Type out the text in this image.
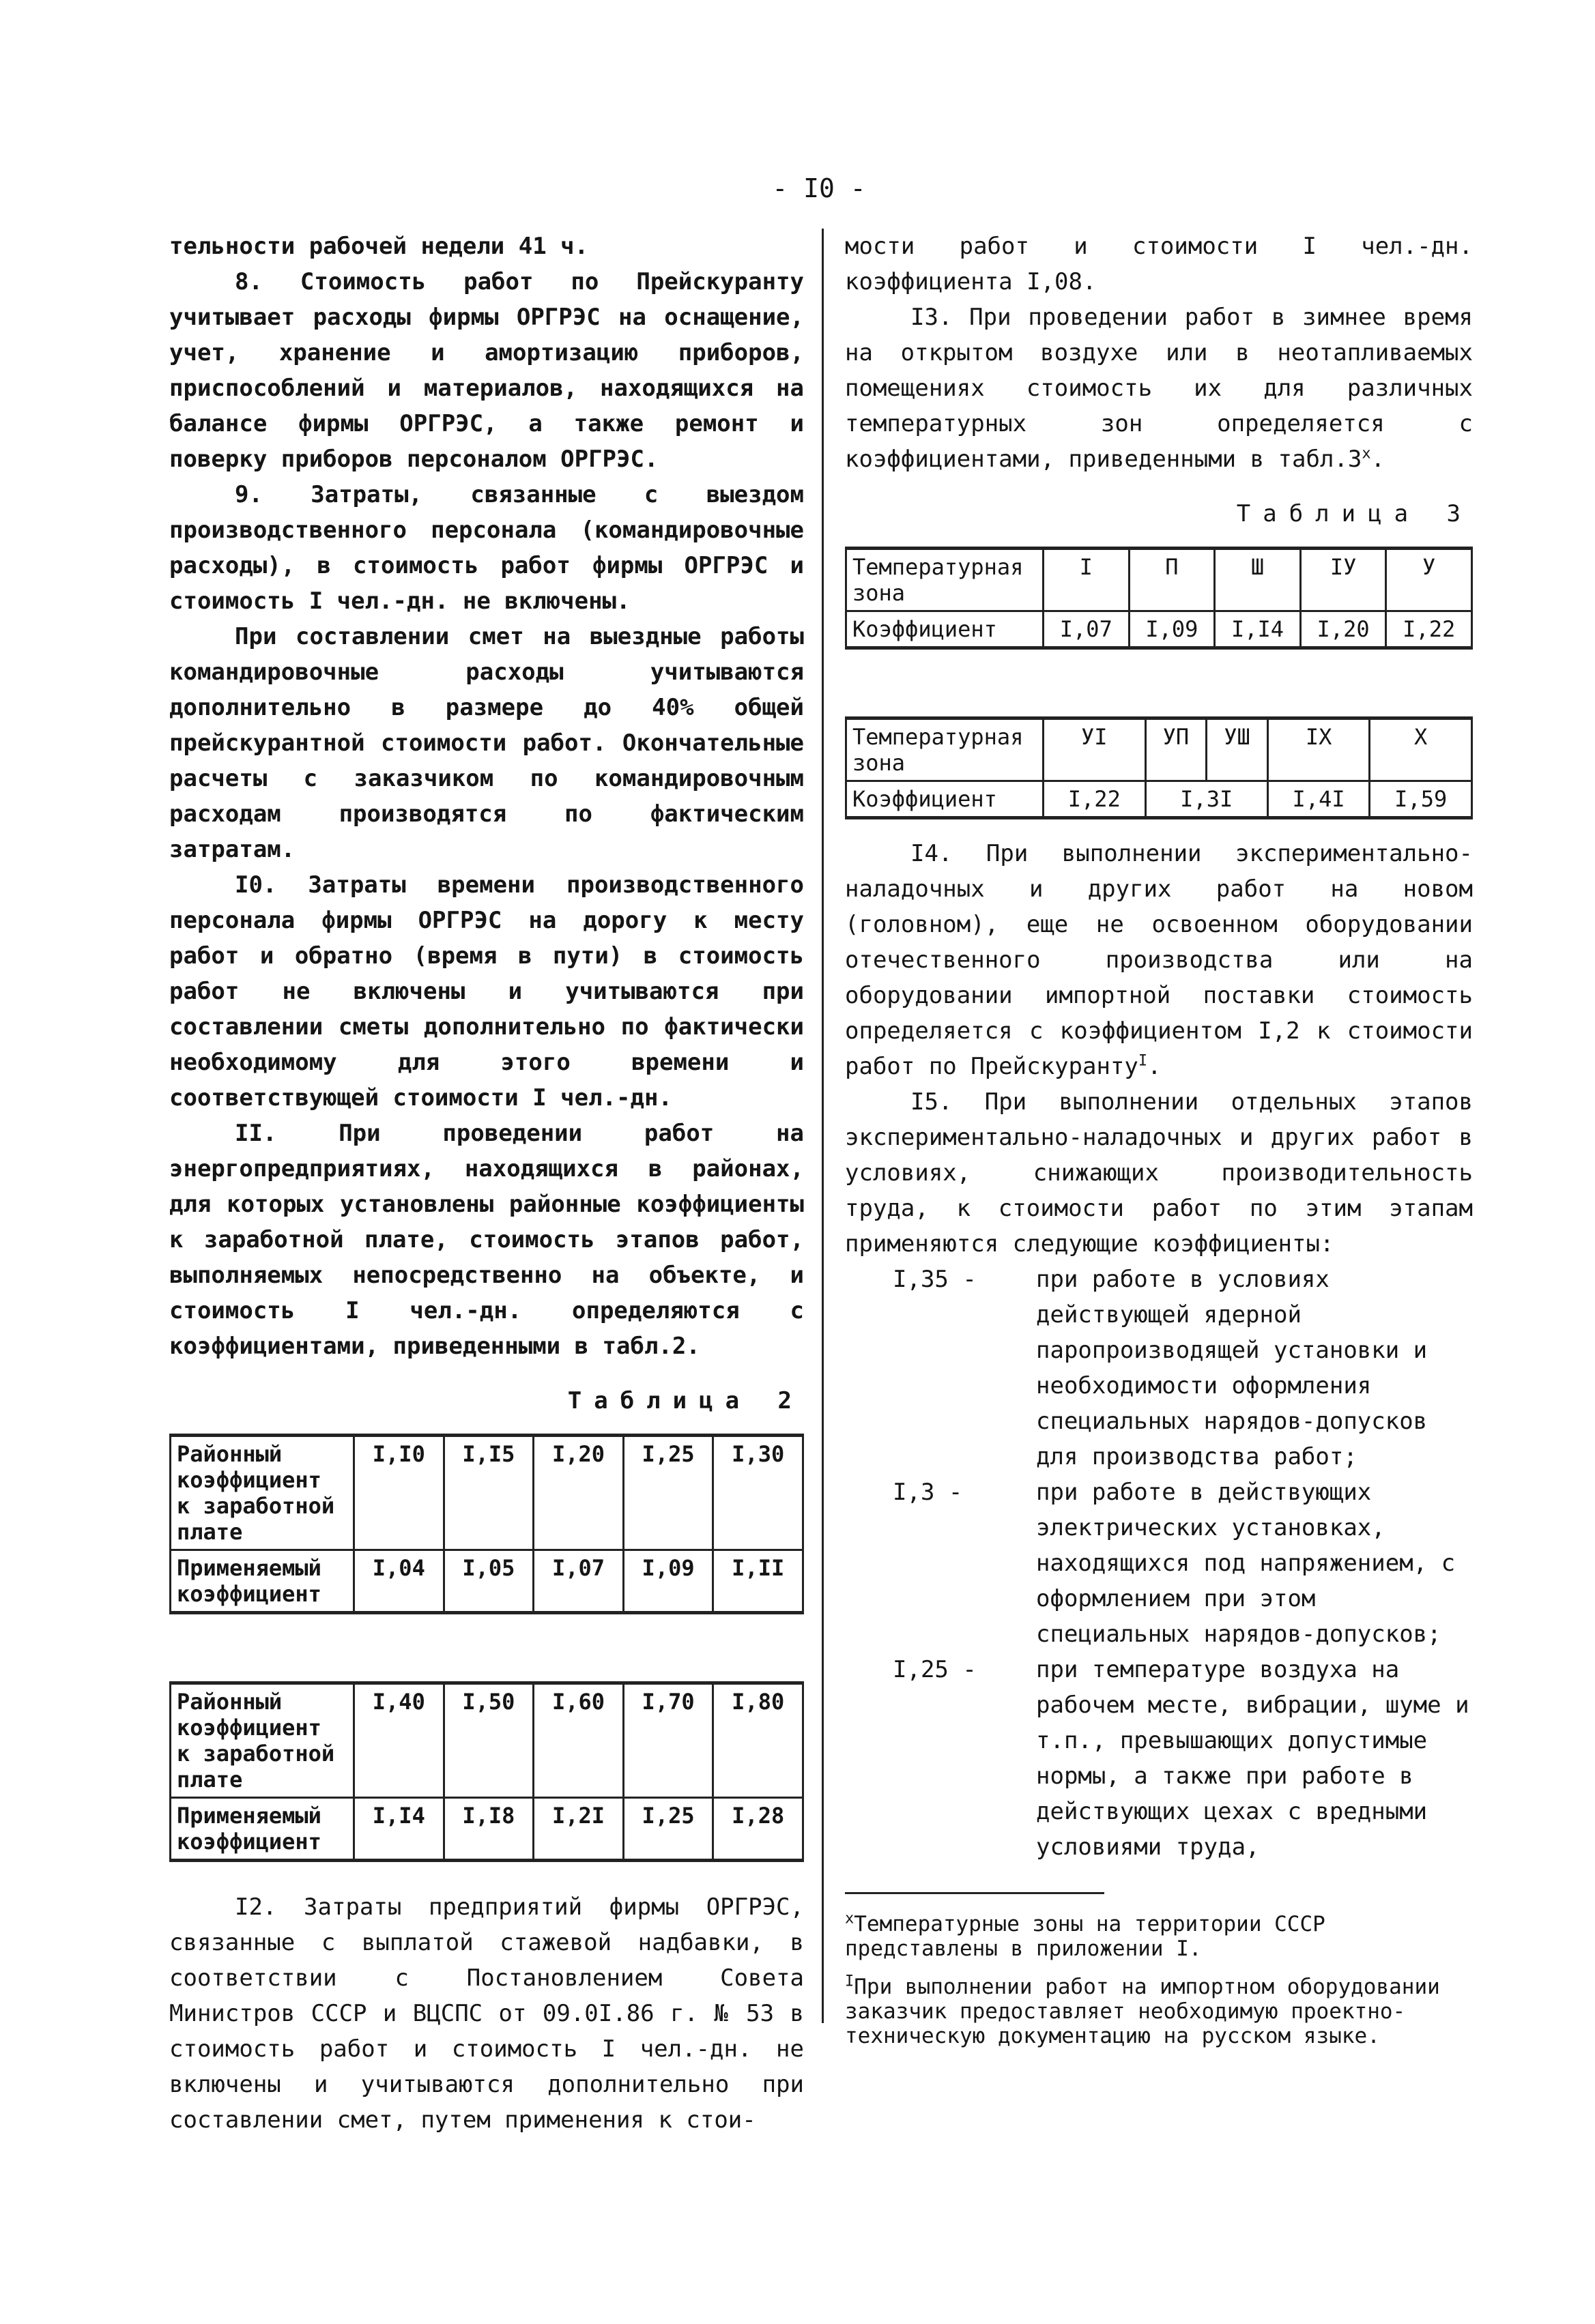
- I0 -

тельности рабочей недели 41 ч.

8. Стоимость работ по Прейскуранту учитывает расходы фирмы ОРГРЭС на оснащение, учет, хранение и амортизацию приборов, приспособлений и материалов, находящихся на балансе фирмы ОРГРЭС, а также ремонт и поверку приборов персоналом ОРГРЭС.

9. Затраты, связанные с выездом производственного персонала (командировочные расходы), в стоимость работ фирмы ОРГРЭС и стоимость I чел.-дн. не включены.

При составлении смет на выездные работы командировочные расходы учитываются дополнительно в размере до 40% общей прейскурантной стоимости работ. Окончательные расчеты с заказчиком по командировочным расходам производятся по фактическим затратам.

I0. Затраты времени производственного персонала фирмы ОРГРЭС на дорогу к месту работ и обратно (время в пути) в стоимость работ не включены и учитываются при составлении сметы дополнительно по фактически необходимому для этого времени и соответствующей стоимости I чел.-дн.

II. При проведении работ на энергопредприятиях, находящихся в районах, для которых установлены районные коэффициенты к заработной плате, стоимость этапов работ, выполняемых непосредственно на объекте, и стоимость I чел.-дн. определяются с коэффициентами, приведенными в табл.2.

Таблица 2
Районный коэффициент к заработной плате	I,I0	I,I5	I,20	I,25	I,30
Применяемый коэффициент	I,04	I,05	I,07	I,09	I,II
Районный коэффициент к заработной плате	I,40	I,50	I,60	I,70	I,80
Применяемый коэффициент	I,I4	I,I8	I,2I	I,25	I,28

I2. Затраты предприятий фирмы ОРГРЭС, связанные с выплатой стажевой надбавки, в соответствии с Постановлением Совета Министров СССР и ВЦСПС от 09.0I.86 г. № 53 в стоимость работ и стоимость I чел.-дн. не включены и учитываются дополнительно при составлении смет, путем применения к стои-

мости работ и стоимости I чел.-дн. коэффициента I,08.

I3. При проведении работ в зимнее время на открытом воздухе или в неотапливаемых помещениях стоимость их для различных температурных зон определяется с коэффициентами, приведенными в табл.3$^x$.

Таблица 3
Температурная зона	I	П	Ш	IУ	У
Коэффициент	I,07	I,09	I,I4	I,20	I,22
Температурная зона	УI	УП	УШ	IX	X
Коэффициент	I,22	I,3I		I,4I	I,59

I4. При выполнении экспериментально-наладочных и других работ на новом (головном), еще не освоенном оборудовании отечественного производства или на оборудовании импортной поставки стоимость определяется с коэффициентом I,2 к стоимости работ по Прейскуранту$^I$.

I5. При выполнении отдельных этапов экспериментально-наладочных и других работ в условиях, снижающих производительность труда, к стоимости работ по этим этапам применяются следующие коэффициенты:

I,35 -	при работе в условиях действующей ядерной паропроизводящей установки и необходимости оформления специальных нарядов-допусков для производства работ;
I,3 -	при работе в действующих электрических установках, находящихся под напряжением, с оформлением при этом специальных нарядов-допусков;
I,25 -	при температуре воздуха на рабочем месте, вибрации, шуме и т.п., превышающих допустимые нормы, а также при работе в действующих цехах с вредными условиями труда,

$^x$Температурные зоны на территории СССР представлены в приложении I.

$^I$При выполнении работ на импортном оборудовании заказчик предоставляет необходимую проектно-техническую документацию на русском языке.
